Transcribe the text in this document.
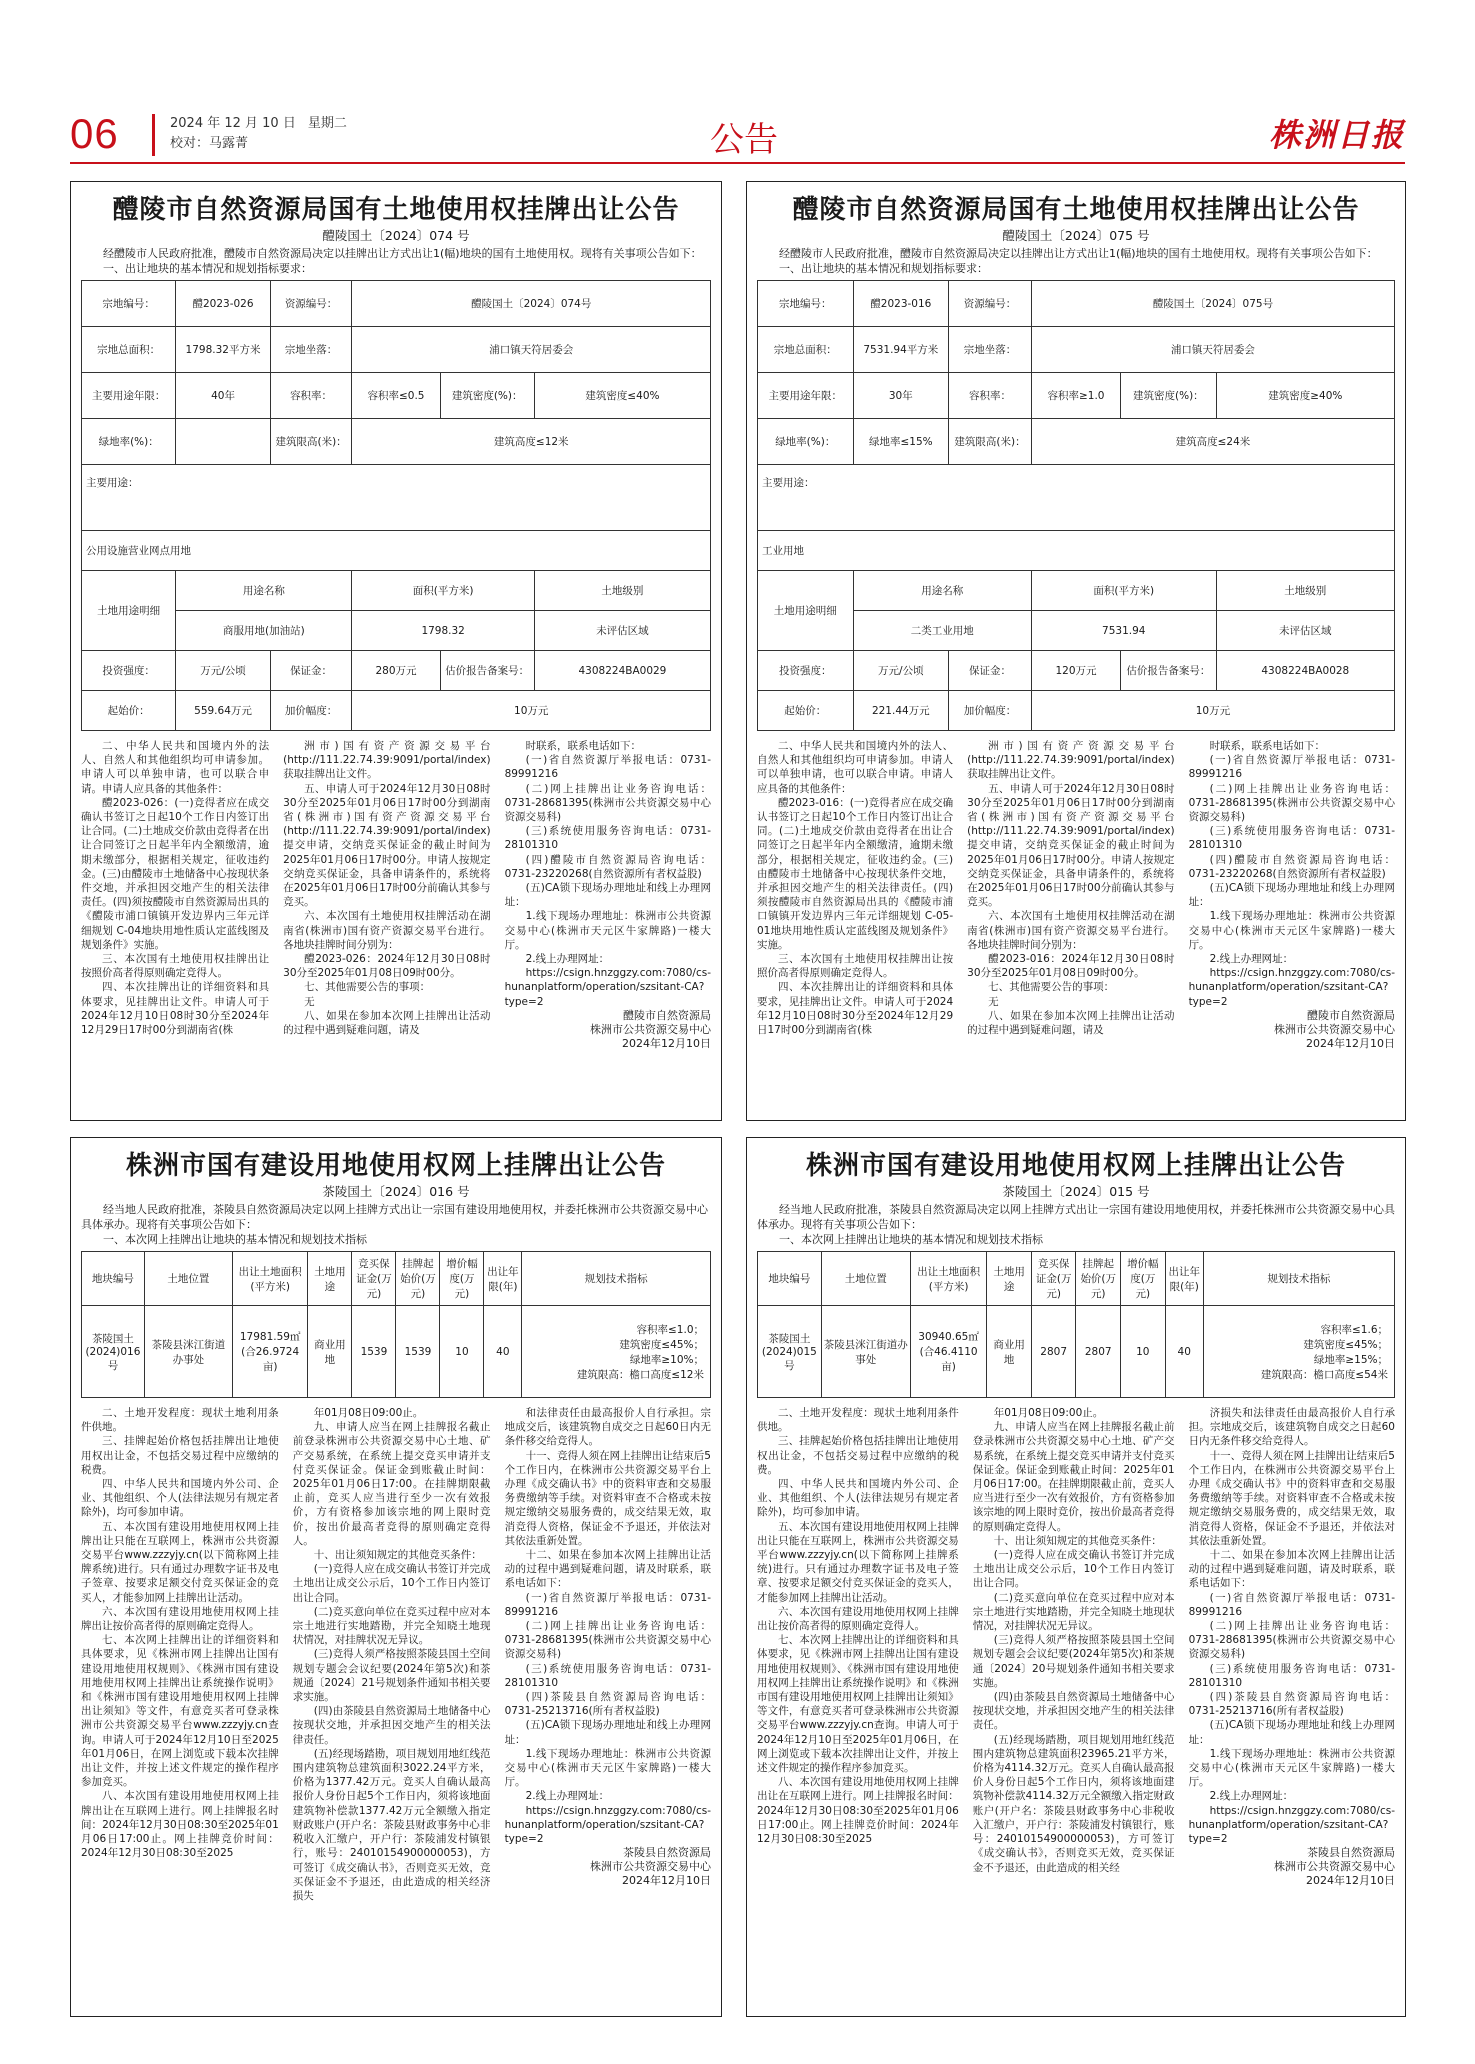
06	2024 年 12 月 10 日 星期二
校对：马露菁	公告	株洲日报
醴陵市自然资源局国有土地使用权挂牌出让公告
醴陵国土〔2024〕074 号
经醴陵市人民政府批准，醴陵市自然资源局决定以挂牌出让方式出让1(幅)地块的国有土地使用权。现将有关事项公告如下：
一、出让地块的基本情况和规划指标要求：
宗地编号：	醴2023-026	资源编号：	醴陵国土〔2024〕074号		
宗地总面积：	1798.32平方米	宗地坐落：	浦口镇天符居委会		
主要用途年限：	40年	容积率：	容积率≤0.5	建筑密度(%)：	建筑密度≤40%
绿地率(%)：		建筑限高(米)：	建筑高度≤12米		
主要用途：					
公用设施营业网点用地					
土地用途明细	用途名称		面积(平方米)		土地级别
	商服用地(加油站)		1798.32		未评估区域
投资强度：	万元/公顷	保证金：	280万元	估价报告备案号：	4308224BA0029
起始价：	559.64万元	加价幅度：	10万元		

二、中华人民共和国境内外的法人、自然人和其他组织均可申请参加。申请人可以单独申请，也可以联合申请。申请人应具备的其他条件：

醴2023-026：(一)竞得者应在成交确认书签订之日起10个工作日内签订出让合同。(二)土地成交价款由竞得者在出让合同签订之日起半年内全额缴清，逾期未缴部分，根据相关规定，征收违约金。(三)由醴陵市土地储备中心按现状条件交地，并承担因交地产生的相关法律责任。(四)须按醴陵市自然资源局出具的《醴陵市浦口镇镇开发边界内三年元详细规划 C-04地块用地性质认定蓝线图及规划条件》实施。

三、本次国有土地使用权挂牌出让按照价高者得原则确定竞得人。

四、本次挂牌出让的详细资料和具体要求，见挂牌出让文件。申请人可于2024年12月10日08时30分至2024年12月29日17时00分到湖南省(株

洲市)国有资产资源交易平台(http://111.22.74.39:9091/portal/index)获取挂牌出让文件。

五、申请人可于2024年12月30日08时30分至2025年01月06日17时00分到湖南省(株洲市)国有资产资源交易平台(http://111.22.74.39:9091/portal/index)提交申请，交纳竞买保证金的截止时间为2025年01月06日17时00分。申请人按规定交纳竞买保证金，具备申请条件的，系统将在2025年01月06日17时00分前确认其参与竞买。

六、本次国有土地使用权挂牌活动在湖南省(株洲市)国有资产资源交易平台进行。各地块挂牌时间分别为：

醴2023-026：2024年12月30日08时30分至2025年01月08日09时00分。

七、其他需要公告的事项：

无

八、如果在参加本次网上挂牌出让活动的过程中遇到疑难问题，请及

时联系，联系电话如下：

(一)省自然资源厅举报电话：0731-89991216

(二)网上挂牌出让业务咨询电话：0731-28681395(株洲市公共资源交易中心资源交易科)

(三)系统使用服务咨询电话：0731-28101310

(四)醴陵市自然资源局咨询电话：0731-23220268(自然资源所有者权益股)

(五)CA锁下现场办理地址和线上办理网址：

1.线下现场办理地址：株洲市公共资源交易中心(株洲市天元区牛家牌路)一楼大厅。

2.线上办理网址：

https://csign.hnzggzy.com:7080/cs-hunanplatform/operation/szsitant-CA?type=2

醴陵市自然资源局

株洲市公共资源交易中心

2024年12月10日

醴陵市自然资源局国有土地使用权挂牌出让公告
醴陵国土〔2024〕075 号
经醴陵市人民政府批准，醴陵市自然资源局决定以挂牌出让方式出让1(幅)地块的国有土地使用权。现将有关事项公告如下：
一、出让地块的基本情况和规划指标要求：
宗地编号：	醴2023-016	资源编号：	醴陵国土〔2024〕075号		
宗地总面积：	7531.94平方米	宗地坐落：	浦口镇天符居委会		
主要用途年限：	30年	容积率：	容积率≥1.0	建筑密度(%)：	建筑密度≥40%
绿地率(%)：	绿地率≤15%	建筑限高(米)：	建筑高度≤24米		
主要用途：					
工业用地					
土地用途明细	用途名称		面积(平方米)		土地级别
	二类工业用地		7531.94		未评估区域
投资强度：	万元/公顷	保证金：	120万元	估价报告备案号：	4308224BA0028
起始价：	221.44万元	加价幅度：	10万元		

二、中华人民共和国境内外的法人、自然人和其他组织均可申请参加。申请人可以单独申请，也可以联合申请。申请人应具备的其他条件：

醴2023-016：(一)竞得者应在成交确认书签订之日起10个工作日内签订出让合同。(二)土地成交价款由竞得者在出让合同签订之日起半年内全额缴清，逾期未缴部分，根据相关规定，征收违约金。(三)由醴陵市土地储备中心按现状条件交地，并承担因交地产生的相关法律责任。(四)须按醴陵市自然资源局出具的《醴陵市浦口镇镇开发边界内三年元详细规划 C-05-01地块用地性质认定蓝线图及规划条件》实施。

三、本次国有土地使用权挂牌出让按照价高者得原则确定竞得人。

四、本次挂牌出让的详细资料和具体要求，见挂牌出让文件。申请人可于2024年12月10日08时30分至2024年12月29日17时00分到湖南省(株

洲市)国有资产资源交易平台(http://111.22.74.39:9091/portal/index)获取挂牌出让文件。

五、申请人可于2024年12月30日08时30分至2025年01月06日17时00分到湖南省(株洲市)国有资产资源交易平台(http://111.22.74.39:9091/portal/index)提交申请，交纳竞买保证金的截止时间为2025年01月06日17时00分。申请人按规定交纳竞买保证金，具备申请条件的，系统将在2025年01月06日17时00分前确认其参与竞买。

六、本次国有土地使用权挂牌活动在湖南省(株洲市)国有资产资源交易平台进行。各地块挂牌时间分别为：

醴2023-016：2024年12月30日08时30分至2025年01月08日09时00分。

七、其他需要公告的事项：

无

八、如果在参加本次网上挂牌出让活动的过程中遇到疑难问题，请及

时联系，联系电话如下：

(一)省自然资源厅举报电话：0731-89991216

(二)网上挂牌出让业务咨询电话：0731-28681395(株洲市公共资源交易中心资源交易科)

(三)系统使用服务咨询电话：0731-28101310

(四)醴陵市自然资源局咨询电话：0731-23220268(自然资源所有者权益股)

(五)CA锁下现场办理地址和线上办理网址：

1.线下现场办理地址：株洲市公共资源交易中心(株洲市天元区牛家牌路)一楼大厅。

2.线上办理网址：

https://csign.hnzggzy.com:7080/cs-hunanplatform/operation/szsitant-CA?type=2

醴陵市自然资源局

株洲市公共资源交易中心

2024年12月10日

株洲市国有建设用地使用权网上挂牌出让公告
茶陵国土〔2024〕016 号
经当地人民政府批准，茶陵县自然资源局决定以网上挂牌方式出让一宗国有建设用地使用权，并委托株洲市公共资源交易中心具体承办。现将有关事项公告如下：
一、本次网上挂牌出让地块的基本情况和规划技术指标
地块编号	土地位置	出让土地面积(平方米)	土地用途	竞买保证金(万元)	挂牌起始价(万元)	增价幅度(万元)	出让年限(年)	规划技术指标
茶陵国土(2024)016号	茶陵县洣江街道办事处	17981.59㎡(合26.9724亩)	商业用地	1539	1539	10	40	容积率≤1.0；

建筑密度≤45%；

绿地率≥10%；

建筑限高：檐口高度≤12米

二、土地开发程度：现状土地利用条件供地。

三、挂牌起始价格包括挂牌出让地使用权出让金，不包括交易过程中应缴纳的税费。

四、中华人民共和国境内外公司、企业、其他组织、个人(法律法规另有规定者除外)，均可参加申请。

五、本次国有建设用地使用权网上挂牌出让只能在互联网上，株洲市公共资源交易平台www.zzzyjy.cn(以下简称网上挂牌系统)进行。只有通过办理数字证书及电子签章、按要求足额交付竞买保证金的竞买人，才能参加网上挂牌出让活动。

六、本次国有建设用地使用权网上挂牌出让按价高者得的原则确定竞得人。

七、本次网上挂牌出让的详细资料和具体要求，见《株洲市网上挂牌出让国有建设用地使用权规则》、《株洲市国有建设用地使用权网上挂牌出让系统操作说明》和《株洲市国有建设用地使用权网上挂牌出让须知》等文件，有意竞买者可登录株洲市公共资源交易平台www.zzzyjy.cn查询。申请人可于2024年12月10日至2025年01月06日，在网上浏览或下载本次挂牌出让文件，并按上述文件规定的操作程序参加竞买。

八、本次国有建设用地使用权网上挂牌出让在互联网上进行。网上挂牌报名时间：2024年12月30日08:30至2025年01月06日17:00止。网上挂牌竞价时间：2024年12月30日08:30至2025

年01月08日09:00止。

九、申请人应当在网上挂牌报名截止前登录株洲市公共资源交易中心土地、矿产交易系统，在系统上提交竞买申请并支付竞买保证金。保证金到账截止时间：2025年01月06日17:00。在挂牌期限截止前，竞买人应当进行至少一次有效报价，方有资格参加该宗地的网上限时竞价，按出价最高者竞得的原则确定竞得人。

十、出让须知规定的其他竞买条件：

(一)竞得人应在成交确认书签订并完成土地出让成交公示后，10个工作日内签订出让合同。

(二)竞买意向单位在竞买过程中应对本宗土地进行实地踏勘，并完全知晓土地现状情况，对挂牌状况无异议。

(三)竞得人须严格按照茶陵县国土空间规划专题会会议纪要(2024年第5次)和茶规通〔2024〕21号规划条件通知书相关要求实施。

(四)由茶陵县自然资源局土地储备中心按现状交地，并承担因交地产生的相关法律责任。

(五)经现场踏勘，项目规划用地红线范围内建筑物总建筑面积3022.24平方米，价格为1377.42万元。竞买人自确认最高报价人身份日起5个工作日内，须将该地面建筑物补偿款1377.42万元全额缴入指定财政账户(开户名：茶陵县财政事务中心非税收入汇缴户，开户行：茶陵浦发村镇银行，账号：24010154900000053)，方可签订《成交确认书》，否则竞买无效，竞买保证金不予退还，由此造成的相关经济损失

和法律责任由最高报价人自行承担。宗地成交后，该建筑物自成交之日起60日内无条件移交给竞得人。

十一、竞得人须在网上挂牌出让结束后5个工作日内，在株洲市公共资源交易平台上办理《成交确认书》中的资料审查和交易服务费缴纳等手续。对资料审查不合格或未按规定缴纳交易服务费的，成交结果无效，取消竞得人资格，保证金不予退还，并依法对其依法重新处置。

十二、如果在参加本次网上挂牌出让活动的过程中遇到疑难问题，请及时联系，联系电话如下：

(一)省自然资源厅举报电话：0731-89991216

(二)网上挂牌出让业务咨询电话：0731-28681395(株洲市公共资源交易中心资源交易科)

(三)系统使用服务咨询电话：0731-28101310

(四)茶陵县自然资源局咨询电话：0731-25213716(所有者权益股)

(五)CA锁下现场办理地址和线上办理网址：

1.线下现场办理地址：株洲市公共资源交易中心(株洲市天元区牛家牌路)一楼大厅。

2.线上办理网址：

https://csign.hnzggzy.com:7080/cs-hunanplatform/operation/szsitant-CA?type=2

茶陵县自然资源局

株洲市公共资源交易中心

2024年12月10日

株洲市国有建设用地使用权网上挂牌出让公告
茶陵国土〔2024〕015 号
经当地人民政府批准，茶陵县自然资源局决定以网上挂牌方式出让一宗国有建设用地使用权，并委托株洲市公共资源交易中心具体承办。现将有关事项公告如下：
一、本次网上挂牌出让地块的基本情况和规划技术指标
地块编号	土地位置	出让土地面积(平方米)	土地用途	竞买保证金(万元)	挂牌起始价(万元)	增价幅度(万元)	出让年限(年)	规划技术指标
茶陵国土(2024)015号	茶陵县洣江街道办事处	30940.65㎡(合46.4110亩)	商业用地	2807	2807	10	40	容积率≤1.6；

建筑密度≤45%；

绿地率≥15%；

建筑限高：檐口高度≤54米

二、土地开发程度：现状土地利用条件供地。

三、挂牌起始价格包括挂牌出让地使用权出让金，不包括交易过程中应缴纳的税费。

四、中华人民共和国境内外公司、企业、其他组织、个人(法律法规另有规定者除外)，均可参加申请。

五、本次国有建设用地使用权网上挂牌出让只能在互联网上，株洲市公共资源交易平台www.zzzyjy.cn(以下简称网上挂牌系统)进行。只有通过办理数字证书及电子签章、按要求足额交付竞买保证金的竞买人，才能参加网上挂牌出让活动。

六、本次国有建设用地使用权网上挂牌出让按价高者得的原则确定竞得人。

七、本次网上挂牌出让的详细资料和具体要求，见《株洲市网上挂牌出让国有建设用地使用权规则》、《株洲市国有建设用地使用权网上挂牌出让系统操作说明》和《株洲市国有建设用地使用权网上挂牌出让须知》等文件，有意竞买者可登录株洲市公共资源交易平台www.zzzyjy.cn查询。申请人可于2024年12月10日至2025年01月06日，在网上浏览或下载本次挂牌出让文件，并按上述文件规定的操作程序参加竞买。

八、本次国有建设用地使用权网上挂牌出让在互联网上进行。网上挂牌报名时间：2024年12月30日08:30至2025年01月06日17:00止。网上挂牌竞价时间：2024年12月30日08:30至2025

年01月08日09:00止。

九、申请人应当在网上挂牌报名截止前登录株洲市公共资源交易中心土地、矿产交易系统，在系统上提交竞买申请并支付竞买保证金。保证金到账截止时间：2025年01月06日17:00。在挂牌期限截止前，竞买人应当进行至少一次有效报价，方有资格参加该宗地的网上限时竞价，按出价最高者竞得的原则确定竞得人。

十、出让须知规定的其他竞买条件：

(一)竞得人应在成交确认书签订并完成土地出让成交公示后，10个工作日内签订出让合同。

(二)竞买意向单位在竞买过程中应对本宗土地进行实地踏勘，并完全知晓土地现状情况，对挂牌状况无异议。

(三)竞得人须严格按照茶陵县国土空间规划专题会会议纪要(2024年第5次)和茶规通〔2024〕20号规划条件通知书相关要求实施。

(四)由茶陵县自然资源局土地储备中心按现状交地，并承担因交地产生的相关法律责任。

(五)经现场踏勘，项目规划用地红线范围内建筑物总建筑面积23965.21平方米，价格为4114.32万元。竞买人自确认最高报价人身份日起5个工作日内，须将该地面建筑物补偿款4114.32万元全额缴入指定财政账户(开户名：茶陵县财政事务中心非税收入汇缴户，开户行：茶陵浦发村镇银行，账号：24010154900000053)，方可签订《成交确认书》，否则竞买无效，竞买保证金不予退还，由此造成的相关经

济损失和法律责任由最高报价人自行承担。宗地成交后，该建筑物自成交之日起60日内无条件移交给竞得人。

十一、竞得人须在网上挂牌出让结束后5个工作日内，在株洲市公共资源交易平台上办理《成交确认书》中的资料审查和交易服务费缴纳等手续。对资料审查不合格或未按规定缴纳交易服务费的，成交结果无效，取消竞得人资格，保证金不予退还，并依法对其依法重新处置。

十二、如果在参加本次网上挂牌出让活动的过程中遇到疑难问题，请及时联系，联系电话如下：

(一)省自然资源厅举报电话：0731-89991216

(二)网上挂牌出让业务咨询电话：0731-28681395(株洲市公共资源交易中心资源交易科)

(三)系统使用服务咨询电话：0731-28101310

(四)茶陵县自然资源局咨询电话：0731-25213716(所有者权益股)

(五)CA锁下现场办理地址和线上办理网址：

1.线下现场办理地址：株洲市公共资源交易中心(株洲市天元区牛家牌路)一楼大厅。

2.线上办理网址：

https://csign.hnzggzy.com:7080/cs-hunanplatform/operation/szsitant-CA?type=2

茶陵县自然资源局

株洲市公共资源交易中心

2024年12月10日
